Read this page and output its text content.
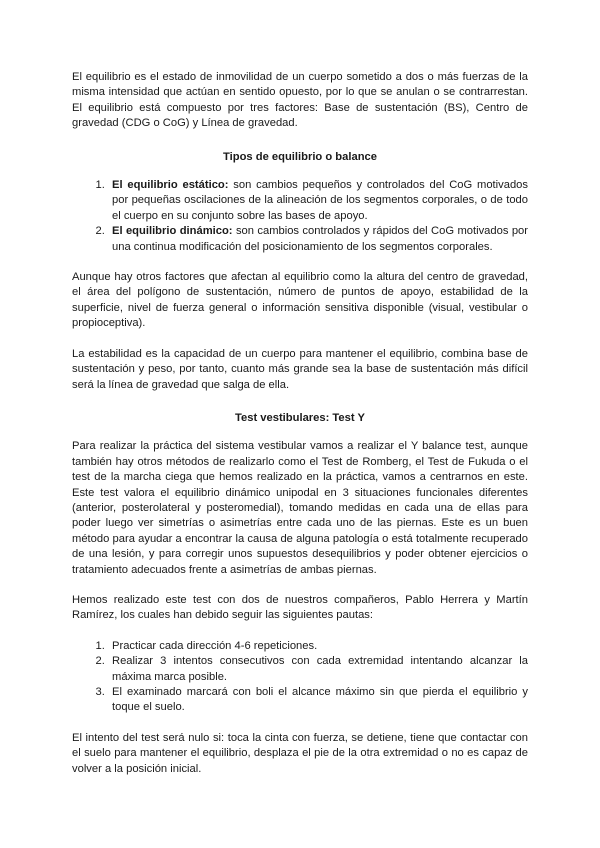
El equilibrio es el estado de inmovilidad de un cuerpo sometido a dos o más fuerzas de la misma intensidad que actúan en sentido opuesto, por lo que se anulan o se contrarrestan. El equilibrio está compuesto por tres factores: Base de sustentación (BS), Centro de gravedad (CDG o CoG) y Línea de gravedad.

Tipos de equilibrio o balance
1. El equilibrio estático: son cambios pequeños y controlados del CoG motivados por pequeñas oscilaciones de la alineación de los segmentos corporales, o de todo el cuerpo en su conjunto sobre las bases de apoyo.
2. El equilibrio dinámico: son cambios controlados y rápidos del CoG motivados por una continua modificación del posicionamiento de los segmentos corporales.

Aunque hay otros factores que afectan al equilibrio como la altura del centro de gravedad, el área del polígono de sustentación, número de puntos de apoyo, estabilidad de la superficie, nivel de fuerza general o información sensitiva disponible (visual, vestibular o propioceptiva).

La estabilidad es la capacidad de un cuerpo para mantener el equilibrio, combina base de sustentación y peso, por tanto, cuanto más grande sea la base de sustentación más difícil será la línea de gravedad que salga de ella.

Test vestibulares: Test Y

Para realizar la práctica del sistema vestibular vamos a realizar el Y balance test, aunque también hay otros métodos de realizarlo como el Test de Romberg, el Test de Fukuda o el test de la marcha ciega que hemos realizado en la práctica, vamos a centrarnos en este. Este test valora el equilibrio dinámico unipodal en 3 situaciones funcionales diferentes (anterior, posterolateral y posteromedial), tomando medidas en cada una de ellas para poder luego ver simetrías o asimetrías entre cada uno de las piernas. Este es un buen método para ayudar a encontrar la causa de alguna patología o está totalmente recuperado de una lesión, y para corregir unos supuestos desequilibrios y poder obtener ejercicios o tratamiento adecuados frente a asimetrías de ambas piernas.

Hemos realizado este test con dos de nuestros compañeros, Pablo Herrera y Martín Ramírez, los cuales han debido seguir las siguientes pautas:

1. Practicar cada dirección 4-6 repeticiones.
2. Realizar 3 intentos consecutivos con cada extremidad intentando alcanzar la máxima marca posible.
3. El examinado marcará con boli el alcance máximo sin que pierda el equilibrio y toque el suelo.

El intento del test será nulo si: toca la cinta con fuerza, se detiene, tiene que contactar con el suelo para mantener el equilibrio, desplaza el pie de la otra extremidad o no es capaz de volver a la posición inicial.
